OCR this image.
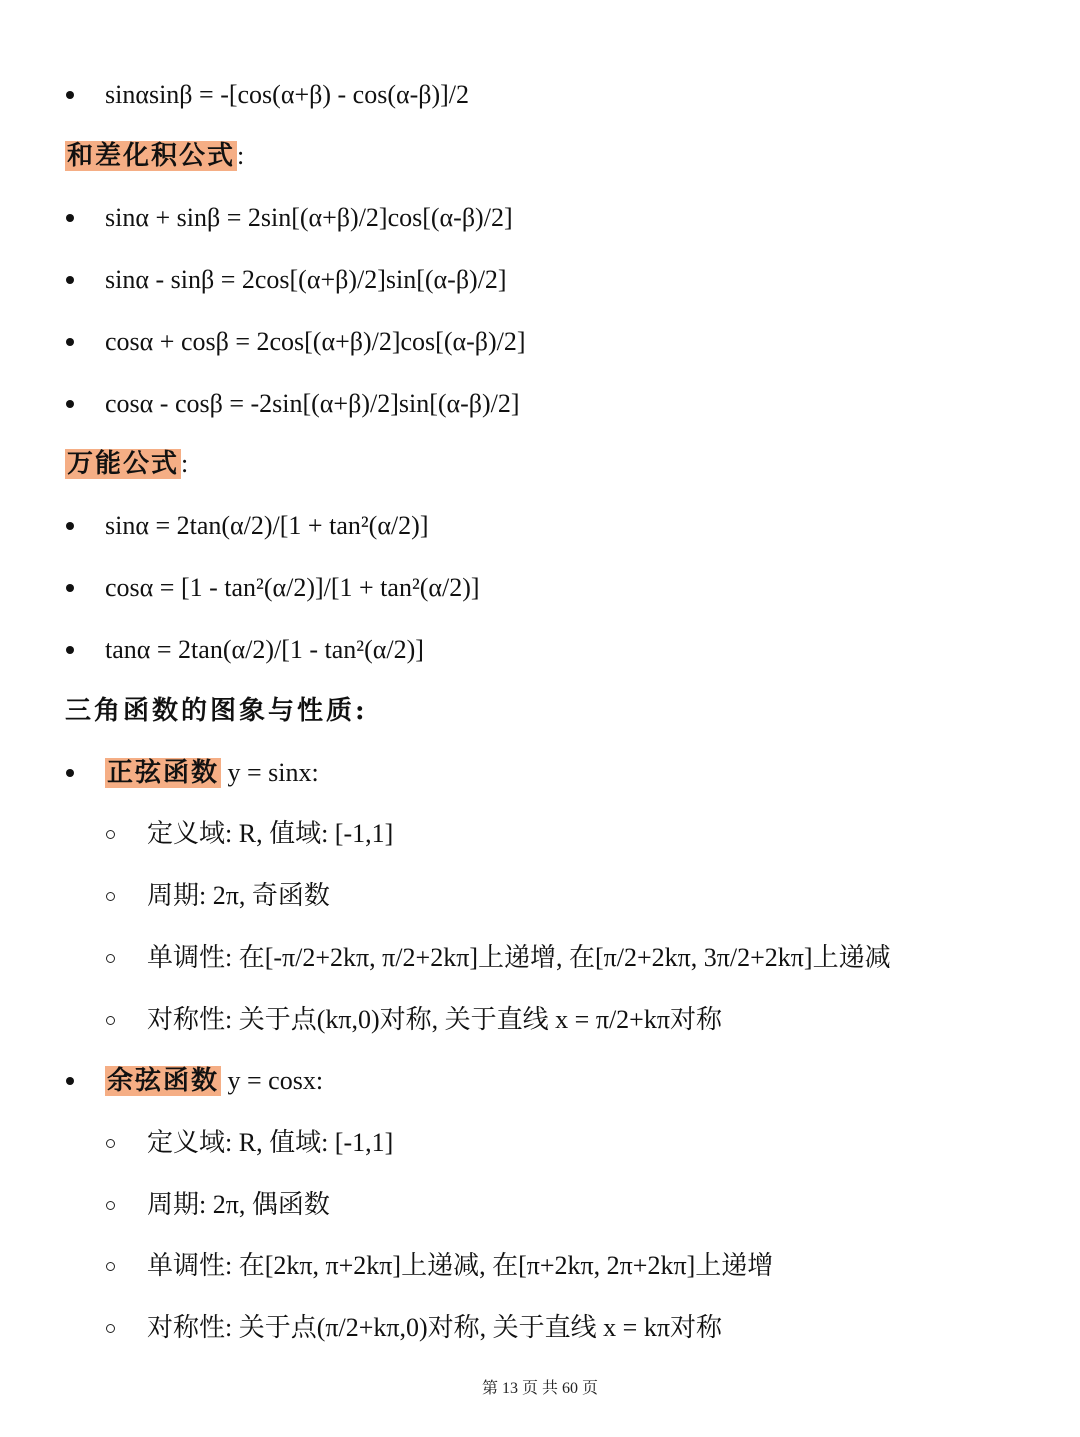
sinαsinβ = -[cos(α+β) - cos(α-β)]/2
和差化积公式:
sinα + sinβ = 2sin[(α+β)/2]cos[(α-β)/2]
sinα - sinβ = 2cos[(α+β)/2]sin[(α-β)/2]
cosα + cosβ = 2cos[(α+β)/2]cos[(α-β)/2]
cosα - cosβ = -2sin[(α+β)/2]sin[(α-β)/2]
万能公式:
sinα = 2tan(α/2)/[1 + tan²(α/2)]
cosα = [1 - tan²(α/2)]/[1 + tan²(α/2)]
tanα = 2tan(α/2)/[1 - tan²(α/2)]
三角函数的图象与性质:
正弦函数 y = sinx:
定义域: R, 值域: [-1,1]
周期: 2π, 奇函数
单调性: 在[-π/2+2kπ, π/2+2kπ]上递增, 在[π/2+2kπ, 3π/2+2kπ]上递减
对称性: 关于点(kπ,0)对称, 关于直线 x = π/2+kπ对称
余弦函数 y = cosx:
定义域: R, 值域: [-1,1]
周期: 2π, 偶函数
单调性: 在[2kπ, π+2kπ]上递减, 在[π+2kπ, 2π+2kπ]上递增
对称性: 关于点(π/2+kπ,0)对称, 关于直线 x = kπ对称
第 13 页 共 60 页
